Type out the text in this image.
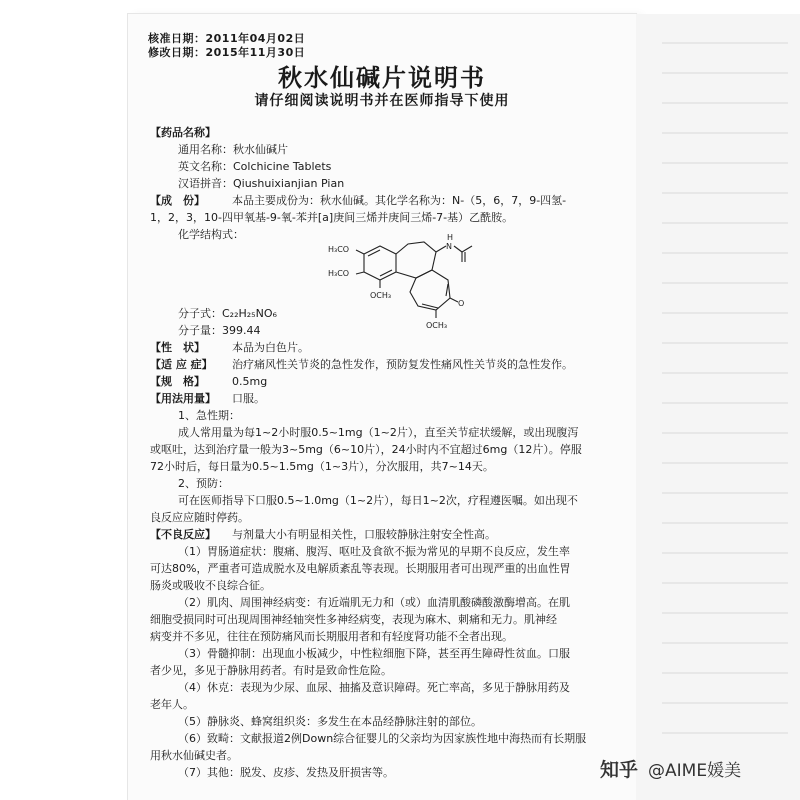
核准日期：2011年04月02日
修改日期：2015年11月30日
秋水仙碱片说明书
请仔细阅读说明书并在医师指导下使用
【药品名称】
通用名称：秋水仙碱片
英文名称：Colchicine Tablets
汉语拼音：Qiushuixianjian Pian
【成　份】 本品主要成份为：秋水仙碱。其化学名称为：N-（5，6，7，9-四氢-
1，2，3，10-四甲氧基-9-氧-苯并[a]庚间三烯并庚间三烯-7-基）乙酰胺。
化学结构式：
H₃CO
H₃CO
OCH₃
OCH₃
N
H
O
分子式：C₂₂H₂₅NO₆
分子量：399.44
【性　状】 本品为白色片。
【适 应 症】 治疗痛风性关节炎的急性发作，预防复发性痛风性关节炎的急性发作。
【规　格】 0.5mg
【用法用量】 口服。
1、急性期：
成人常用量为每1~2小时服0.5~1mg（1~2片），直至关节症状缓解，或出现腹泻
或呕吐，达到治疗量一般为3~5mg（6~10片），24小时内不宜超过6mg（12片）。停服
72小时后，每日量为0.5~1.5mg（1~3片），分次服用，共7~14天。
2、预防：
可在医师指导下口服0.5~1.0mg（1~2片），每日1~2次，疗程遵医嘱。如出现不
良反应应随时停药。
【不良反应】 与剂量大小有明显相关性，口服较静脉注射安全性高。
（1）胃肠道症状：腹痛、腹泻、呕吐及食欲不振为常见的早期不良反应，发生率
可达80%，严重者可造成脱水及电解质紊乱等表现。长期服用者可出现严重的出血性胃
肠炎或吸收不良综合征。
（2）肌肉、周围神经病变：有近端肌无力和（或）血清肌酸磷酸激酶增高。在肌
细胞受损同时可出现周围神经轴突性多神经病变，表现为麻木、刺痛和无力。肌神经
病变并不多见，往往在预防痛风而长期服用者和有轻度肾功能不全者出现。
（3）骨髓抑制：出现血小板减少，中性粒细胞下降，甚至再生障碍性贫血。口服
者少见，多见于静脉用药者。有时是致命性危险。
（4）休克：表现为少尿、血尿、抽搐及意识障碍。死亡率高，多见于静脉用药及
老年人。
（5）静脉炎、蜂窝组织炎：多发生在本品经静脉注射的部位。
（6）致畸：文献报道2例Down综合征婴儿的父亲均为因家族性地中海热而有长期服
用秋水仙碱史者。
（7）其他：脱发、皮疹、发热及肝损害等。	知乎 @AIME媛美
